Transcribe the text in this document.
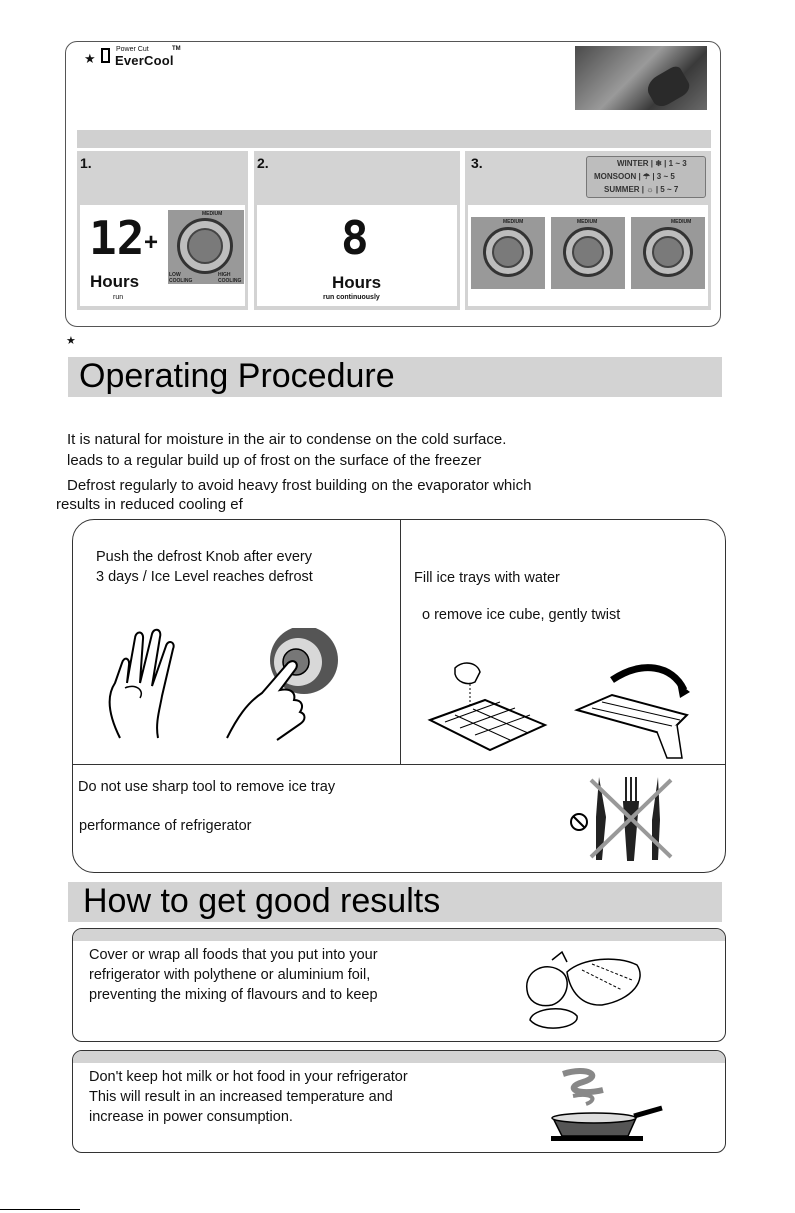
★
Power Cut
EverCool
TM
1.
12 +
Hours
run
MEDIUM
LOW COOLING
HIGH COOLING
2.
8
Hours
run continuously
3.
MEDIUM	MEDIUM	MEDIUM
WINTER | ❄ | 1 ~ 3
MONSOON | ☂ | 3 ~ 5
SUMMER | ☼ | 5 ~ 7
★
Operating Procedure
It is natural for moisture in the air to condense on the cold surface.
leads to a regular build up of frost on the surface of the freezer
Defrost regularly to avoid heavy frost building on the evaporator which
results in reduced cooling ef
Push the defrost Knob after every
3 days / Ice Level reaches defrost	Fill ice trays with water
o remove ice cube, gently twist
Do not use sharp tool to remove ice tray
performance of refrigerator
How to get good results
Cover or wrap all foods that you put into your
refrigerator with polythene or aluminium foil,
preventing the mixing of flavours and to keep
Don't keep hot milk or hot food in your refrigerator
This will result in an increased temperature and
increase in power consumption.
